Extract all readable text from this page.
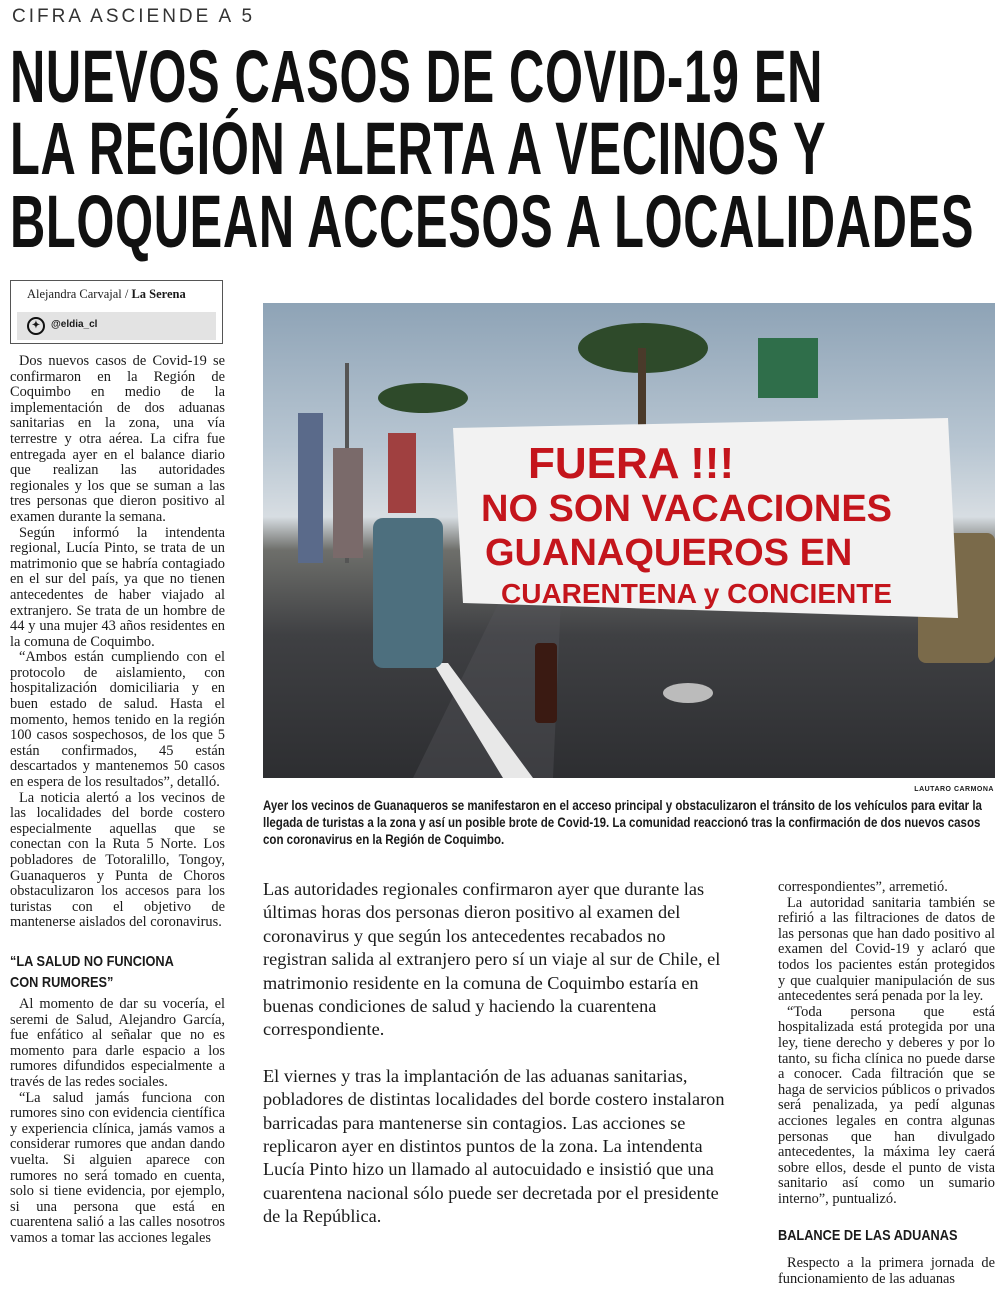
CIFRA ASCIENDE A 5
NUEVOS CASOS DE COVID-19 EN
LA REGIÓN ALERTA A VECINOS Y
BLOQUEAN ACCESOS A LOCALIDADES
Alejandra Carvajal / La Serena
✦	@eldia_cl

Dos nuevos casos de Covid-19 se confirmaron en la Región de Coquimbo en medio de la implementación de dos aduanas sanitarias en la zona, una vía terrestre y otra aérea. La cifra fue entregada ayer en el balance diario que realizan las autoridades regionales y los que se suman a las tres personas que dieron positivo al examen durante la semana.

Según informó la intendenta regional, Lucía Pinto, se trata de un matrimonio que se habría contagiado en el sur del país, ya que no tienen antecedentes de haber viajado al extranjero. Se trata de un hombre de 44 y una mujer 43 años residentes en la comuna de Coquimbo.

“Ambos están cumpliendo con el protocolo de aislamiento, con hospitalización domiciliaria y en buen estado de salud. Hasta el momento, hemos tenido en la región 100 casos sospechosos, de los que 5 están confirmados, 45 están descartados y mantenemos 50 casos en espera de los resultados”, detalló.

La noticia alertó a los vecinos de las localidades del borde costero especialmente aquellas que se conectan con la Ruta 5 Norte. Los pobladores de Totoralillo, Tongoy, Guanaqueros y Punta de Choros obstaculizaron los accesos para los turistas con el objetivo de mantenerse aislados del coronavirus.

“LA SALUD NO FUNCIONA
CON RUMORES”

Al momento de dar su vocería, el seremi de Salud, Alejandro García, fue enfático al señalar que no es momento para darle espacio a los rumores difundidos especialmente a través de las redes sociales.

“La salud jamás funciona con rumores sino con evidencia científica y experiencia clínica, jamás vamos a considerar rumores que andan dando vuelta. Si alguien aparece con rumores no será tomado en cuenta, solo si tiene evidencia, por ejemplo, si una persona que está en cuarentena salió a las calles nosotros vamos a tomar las acciones legales

FUERA !!!
NO SON VACACIONES
GUANAQUEROS EN
CUARENTENA y CONCIENTE
LAUTARO CARMONA
Ayer los vecinos de Guanaqueros se manifestaron en el acceso principal y obstaculizaron el tránsito de los vehículos para evitar la llegada de turistas a la zona y así un posible brote de Covid-19. La comunidad reaccionó tras la confirmación de dos nuevos casos con coronavirus en la Región de Coquimbo.

Las autoridades regionales confirmaron ayer que durante las últimas horas dos personas dieron positivo al examen del coronavirus y que según los antecedentes recabados no registran salida al extranjero pero sí un viaje al sur de Chile, el matrimonio residente en la comuna de Coquimbo estaría en buenas condiciones de salud y haciendo la cuarentena correspondiente.

El viernes y tras la implantación de las aduanas sanitarias, pobladores de distintas localidades del borde costero instalaron barricadas para mantenerse sin contagios. Las acciones se replicaron ayer en distintos puntos de la zona. La intendenta Lucía Pinto hizo un llamado al autocuidado e insistió que una cuarentena nacional sólo puede ser decretada por el presidente de la República.

correspondientes”, arremetió.

La autoridad sanitaria también se refirió a las filtraciones de datos de las personas que han dado positivo al examen del Covid-19 y aclaró que todos los pacientes están protegidos y que cualquier manipulación de sus antecedentes será penada por la ley.

“Toda persona que está hospitalizada está protegida por una ley, tiene derecho y deberes y por lo tanto, su ficha clínica no puede darse a conocer. Cada filtración que se haga de servicios públicos o privados será penalizada, ya pedí algunas acciones legales en contra algunas personas que han divulgado antecedentes, la máxima ley caerá sobre ellos, desde el punto de vista sanitario así como un sumario interno”, puntualizó.

BALANCE DE LAS ADUANAS

Respecto a la primera jornada de funcionamiento de las aduanas
